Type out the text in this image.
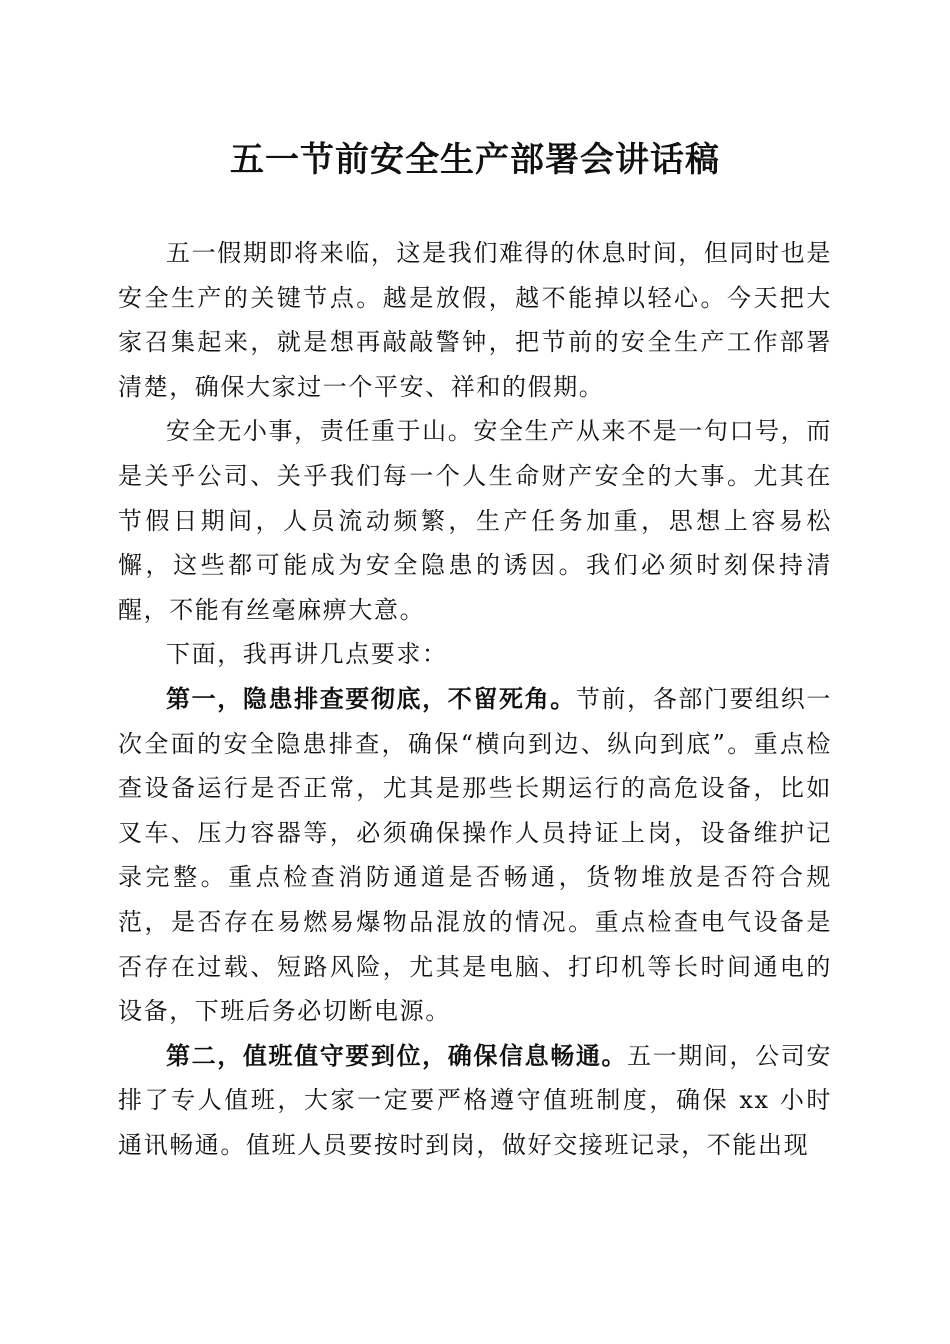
五一节前安全生产部署会讲话稿

五一假期即将来临，这是我们难得的休息时间，但同时也是安全生产的关键节点。越是放假，越不能掉以轻心。今天把大家召集起来，就是想再敲敲警钟，把节前的安全生产工作部署清楚，确保大家过一个平安、祥和的假期。

安全无小事，责任重于山。安全生产从来不是一句口号，而是关乎公司、关乎我们每一个人生命财产安全的大事。尤其在节假日期间，人员流动频繁，生产任务加重，思想上容易松懈，这些都可能成为安全隐患的诱因。我们必须时刻保持清醒，不能有丝毫麻痹大意。

下面，我再讲几点要求：

第一，隐患排查要彻底，不留死角。节前，各部门要组织一次全面的安全隐患排查，确保“横向到边、纵向到底”。重点检查设备运行是否正常，尤其是那些长期运行的高危设备，比如叉车、压力容器等，必须确保操作人员持证上岗，设备维护记录完整。重点检查消防通道是否畅通，货物堆放是否符合规范，是否存在易燃易爆物品混放的情况。重点检查电气设备是否存在过载、短路风险，尤其是电脑、打印机等长时间通电的设备，下班后务必切断电源。

第二，值班值守要到位，确保信息畅通。五一期间，公司安排了专人值班，大家一定要严格遵守值班制度，确保 xx 小时通讯畅通。值班人员要按时到岗，做好交接班记录，不能出现
